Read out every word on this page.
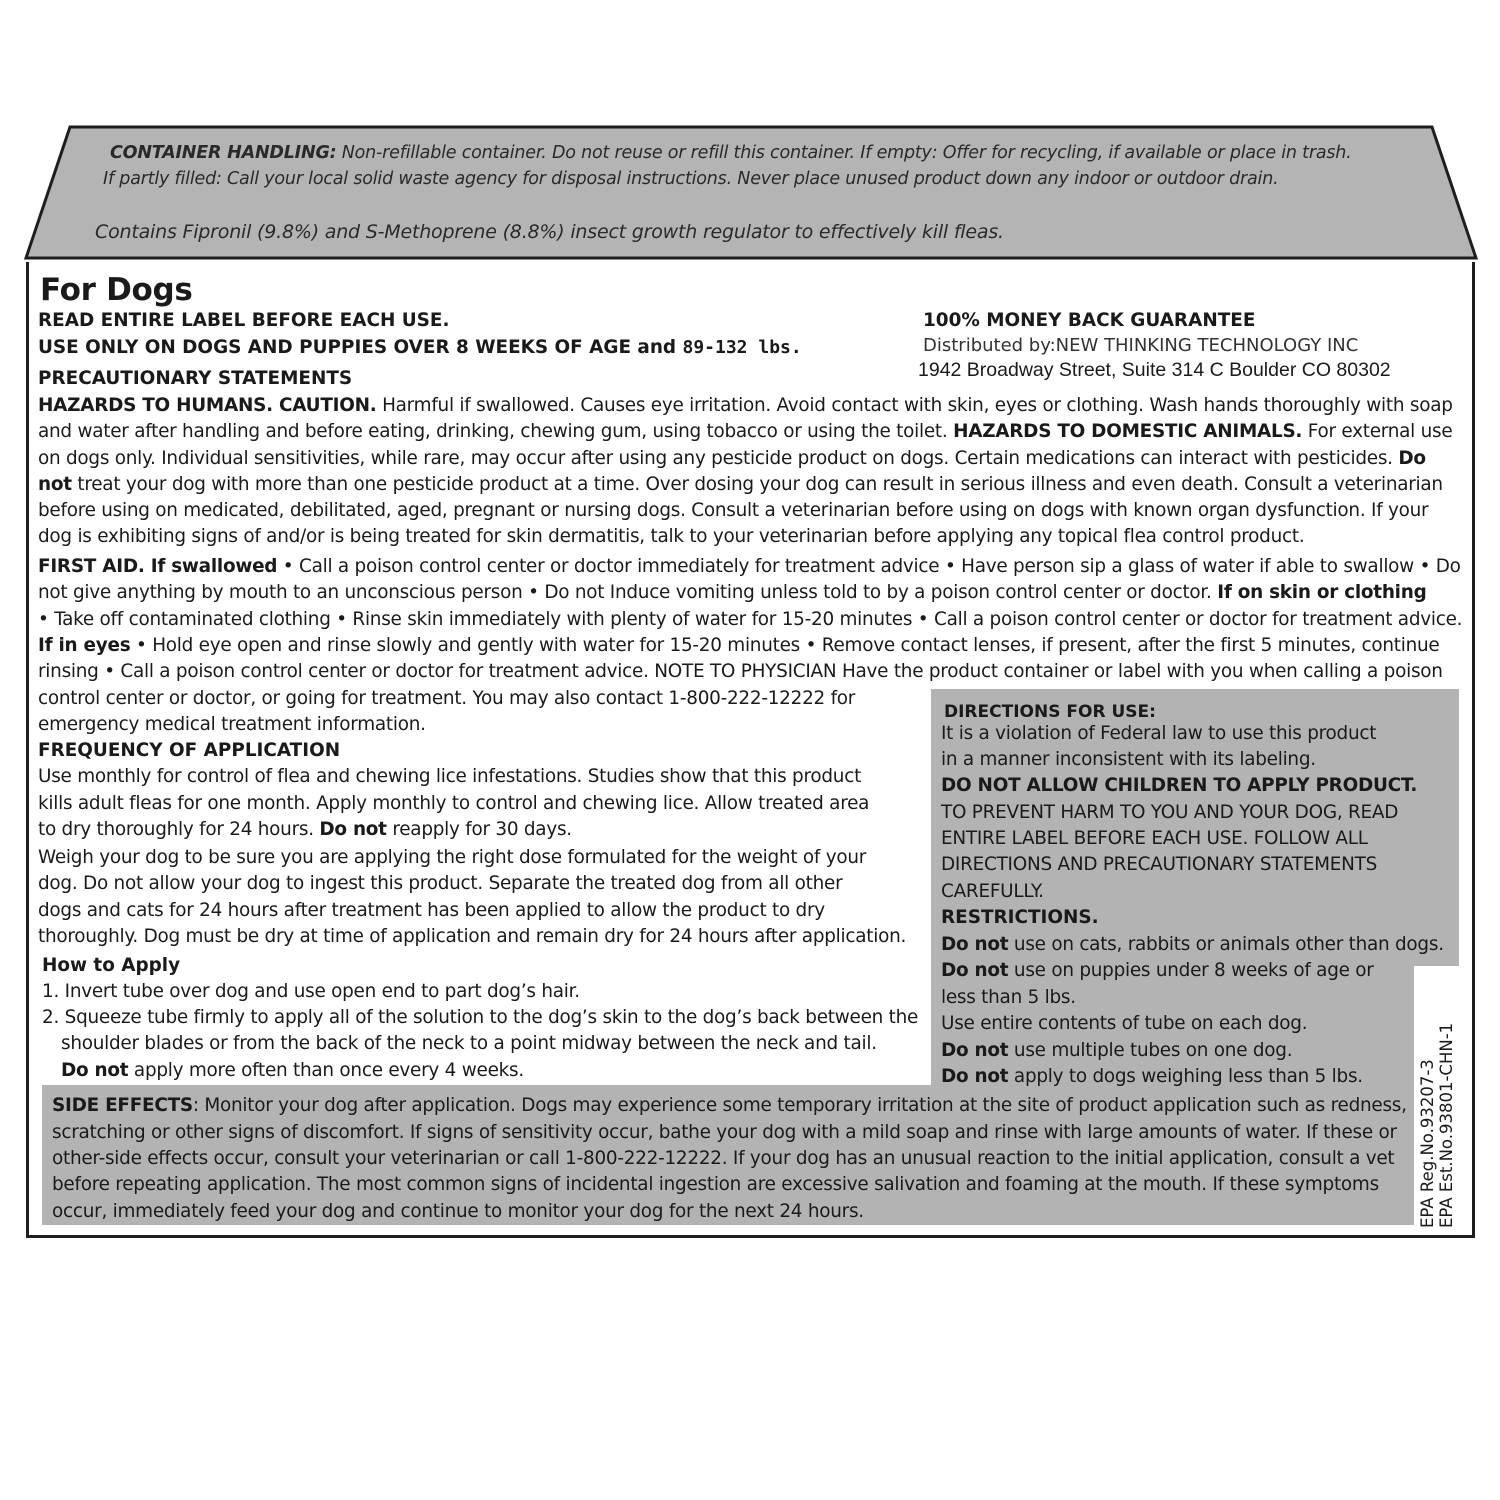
CONTAINER HANDLING: Non-refillable container. Do not reuse or refill this container. If empty: Offer for recycling, if available or place in trash.
If partly filled: Call your local solid waste agency for disposal instructions. Never place unused product down any indoor or outdoor drain.
Contains Fipronil (9.8%) and S-Methoprene (8.8%) insect growth regulator to effectively kill fleas.
For Dogs
READ ENTIRE LABEL BEFORE EACH USE.
USE ONLY ON DOGS AND PUPPIES OVER 8 WEEKS OF AGE and 89-132 lbs.
PRECAUTIONARY STATEMENTS
100% MONEY BACK GUARANTEE
Distributed by:NEW THINKING TECHNOLOGY INC
1942 Broadway Street, Suite 314 C Boulder CO 80302
HAZARDS TO HUMANS. CAUTION. Harmful if swallowed. Causes eye irritation. Avoid contact with skin, eyes or clothing. Wash hands thoroughly with soap
and water after handling and before eating, drinking, chewing gum, using tobacco or using the toilet. HAZARDS TO DOMESTIC ANIMALS. For external use
on dogs only. Individual sensitivities, while rare, may occur after using any pesticide product on dogs. Certain medications can interact with pesticides. Do
not treat your dog with more than one pesticide product at a time. Over dosing your dog can result in serious illness and even death. Consult a veterinarian
before using on medicated, debilitated, aged, pregnant or nursing dogs. Consult a veterinarian before using on dogs with known organ dysfunction. If your
dog is exhibiting signs of and/or is being treated for skin dermatitis, talk to your veterinarian before applying any topical flea control product.
FIRST AID. If swallowed • Call a poison control center or doctor immediately for treatment advice • Have person sip a glass of water if able to swallow • Do
not give anything by mouth to an unconscious person • Do not Induce vomiting unless told to by a poison control center or doctor. If on skin or clothing
• Take off contaminated clothing • Rinse skin immediately with plenty of water for 15-20 minutes • Call a poison control center or doctor for treatment advice.
If in eyes • Hold eye open and rinse slowly and gently with water for 15-20 minutes • Remove contact lenses, if present, after the first 5 minutes, continue
rinsing • Call a poison control center or doctor for treatment advice. NOTE TO PHYSICIAN Have the product container or label with you when calling a poison
control center or doctor, or going for treatment. You may also contact 1-800-222-12222 for
emergency medical treatment information.
FREQUENCY OF APPLICATION
Use monthly for control of flea and chewing lice infestations. Studies show that this product
kills adult fleas for one month. Apply monthly to control and chewing lice. Allow treated area
to dry thoroughly for 24 hours. Do not reapply for 30 days.
Weigh your dog to be sure you are applying the right dose formulated for the weight of your
dog. Do not allow your dog to ingest this product. Separate the treated dog from all other
dogs and cats for 24 hours after treatment has been applied to allow the product to dry
thoroughly. Dog must be dry at time of application and remain dry for 24 hours after application.
How to Apply
1. Invert tube over dog and use open end to part dog’s hair.
2. Squeeze tube firmly to apply all of the solution to the dog’s skin to the dog’s back between the
shoulder blades or from the back of the neck to a point midway between the neck and tail.
Do not apply more often than once every 4 weeks.
DIRECTIONS FOR USE:
It is a violation of Federal law to use this product
in a manner inconsistent with its labeling.
DO NOT ALLOW CHILDREN TO APPLY PRODUCT.
TO PREVENT HARM TO YOU AND YOUR DOG, READ
ENTIRE LABEL BEFORE EACH USE. FOLLOW ALL
DIRECTIONS AND PRECAUTIONARY STATEMENTS
CAREFULLY.
RESTRICTIONS.
Do not use on cats, rabbits or animals other than dogs.
Do not use on puppies under 8 weeks of age or
less than 5 lbs.
Use entire contents of tube on each dog.
Do not use multiple tubes on one dog.
Do not apply to dogs weighing less than 5 lbs.	EPA Reg.No.93207-3 EPA Est.No.93801-CHN-1
SIDE EFFECTS: Monitor your dog after application. Dogs may experience some temporary irritation at the site of product application such as redness,
scratching or other signs of discomfort. If signs of sensitivity occur, bathe your dog with a mild soap and rinse with large amounts of water. If these or
other-side effects occur, consult your veterinarian or call 1-800-222-12222. If your dog has an unusual reaction to the initial application, consult a vet
before repeating application. The most common signs of incidental ingestion are excessive salivation and foaming at the mouth. If these symptoms
occur, immediately feed your dog and continue to monitor your dog for the next 24 hours.
